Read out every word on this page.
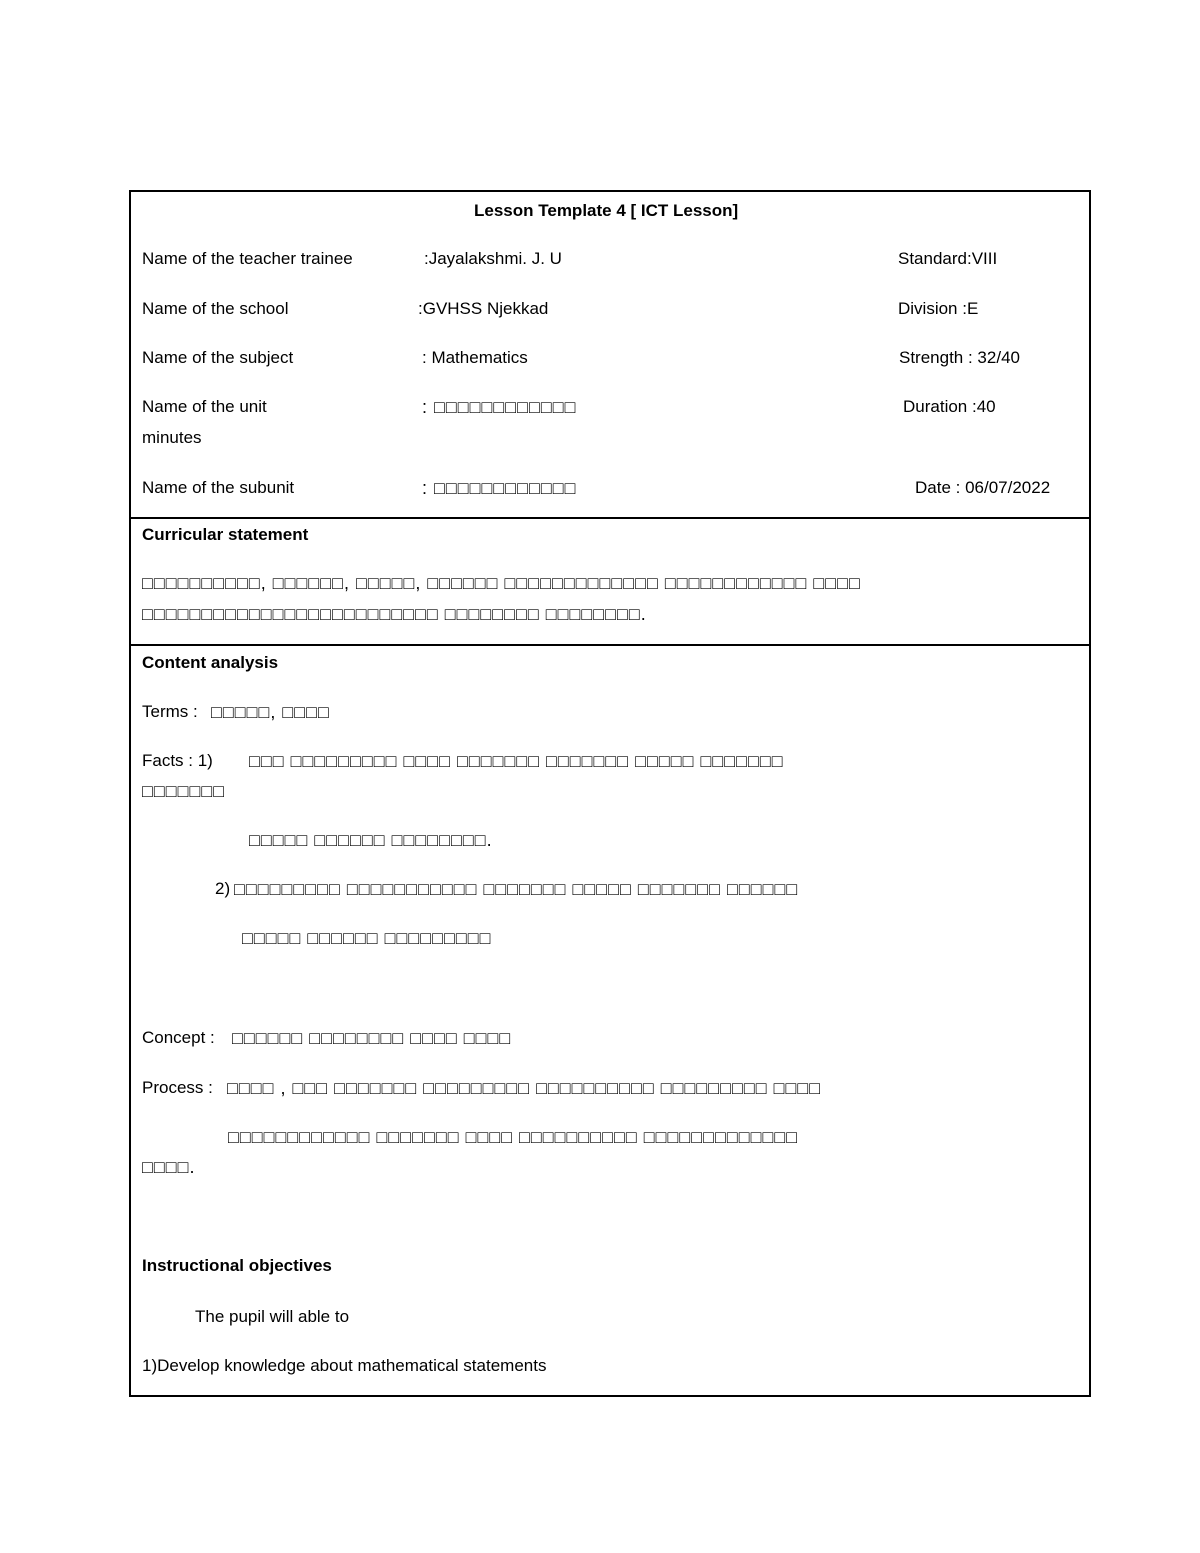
Lesson Template 4 [ ICT Lesson]
Name of the teacher trainee	:Jayalakshmi. J. U	Standard:VIII
Name of the school	:GVHSS Njekkad	Division :E
Name of the subject	: Mathematics	Strength : 32/40
Name of the unit	: □□□□□□□□□□□□	Duration :40
minutes
Name of the subunit	: □□□□□□□□□□□□	Date : 06/07/2022
Curricular statement
□□□□□□□□□□, □□□□□□, □□□□□, □□□□□□ □□□□□□□□□□□□□ □□□□□□□□□□□□ □□□□
□□□□□□□□□□□□□□□□□□□□□□□□□ □□□□□□□□ □□□□□□□□.
Content analysis
Terms : □□□□□, □□□□
Facts : 1) □□□ □□□□□□□□□ □□□□ □□□□□□□ □□□□□□□ □□□□□ □□□□□□□
□□□□□□□
□□□□□ □□□□□□ □□□□□□□□.
2) □□□□□□□□□ □□□□□□□□□□□ □□□□□□□ □□□□□ □□□□□□□ □□□□□□
□□□□□ □□□□□□ □□□□□□□□□
Concept : □□□□□□ □□□□□□□□ □□□□ □□□□
Process : □□□□ , □□□ □□□□□□□ □□□□□□□□□ □□□□□□□□□□ □□□□□□□□□ □□□□
□□□□□□□□□□□□ □□□□□□□ □□□□ □□□□□□□□□□ □□□□□□□□□□□□□
□□□□.
Instructional objectives
The pupil will able to
1)Develop knowledge about mathematical statements
